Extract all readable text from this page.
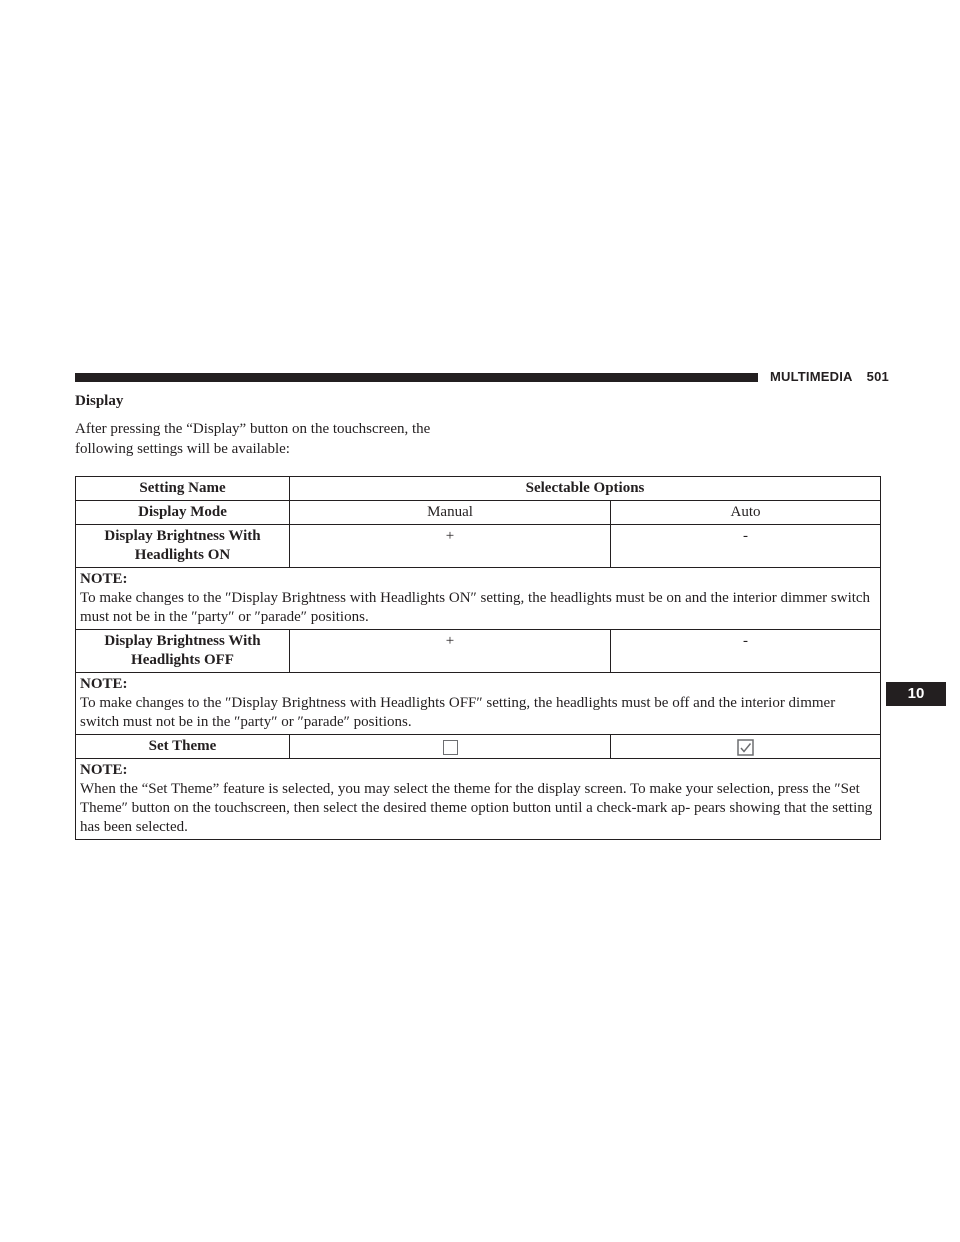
MULTIMEDIA 501
10
Display
After pressing the “Display” button on the touchscreen, the following settings will be available:
Setting Name	Selectable Options	
Display Mode	Manual	Auto
Display Brightness With Headlights ON	+	-

NOTE:
To make changes to the ″Display Brightness with Headlights ON″ setting, the headlights must be on and the interior dimmer switch must not be in the ″party″ or ″parade″ positions.		
Display Brightness With Headlights OFF	+	-

NOTE:
To make changes to the ″Display Brightness with Headlights OFF″ setting, the headlights must be off and the interior dimmer switch must not be in the ″party″ or ″parade″ positions.		
Set Theme		

NOTE:
When the “Set Theme” feature is selected, you may select the theme for the display screen. To make your selection, press the ″Set Theme″ button on the touchscreen, then select the desired theme option button until a check-mark ap- pears showing that the setting has been selected.		
